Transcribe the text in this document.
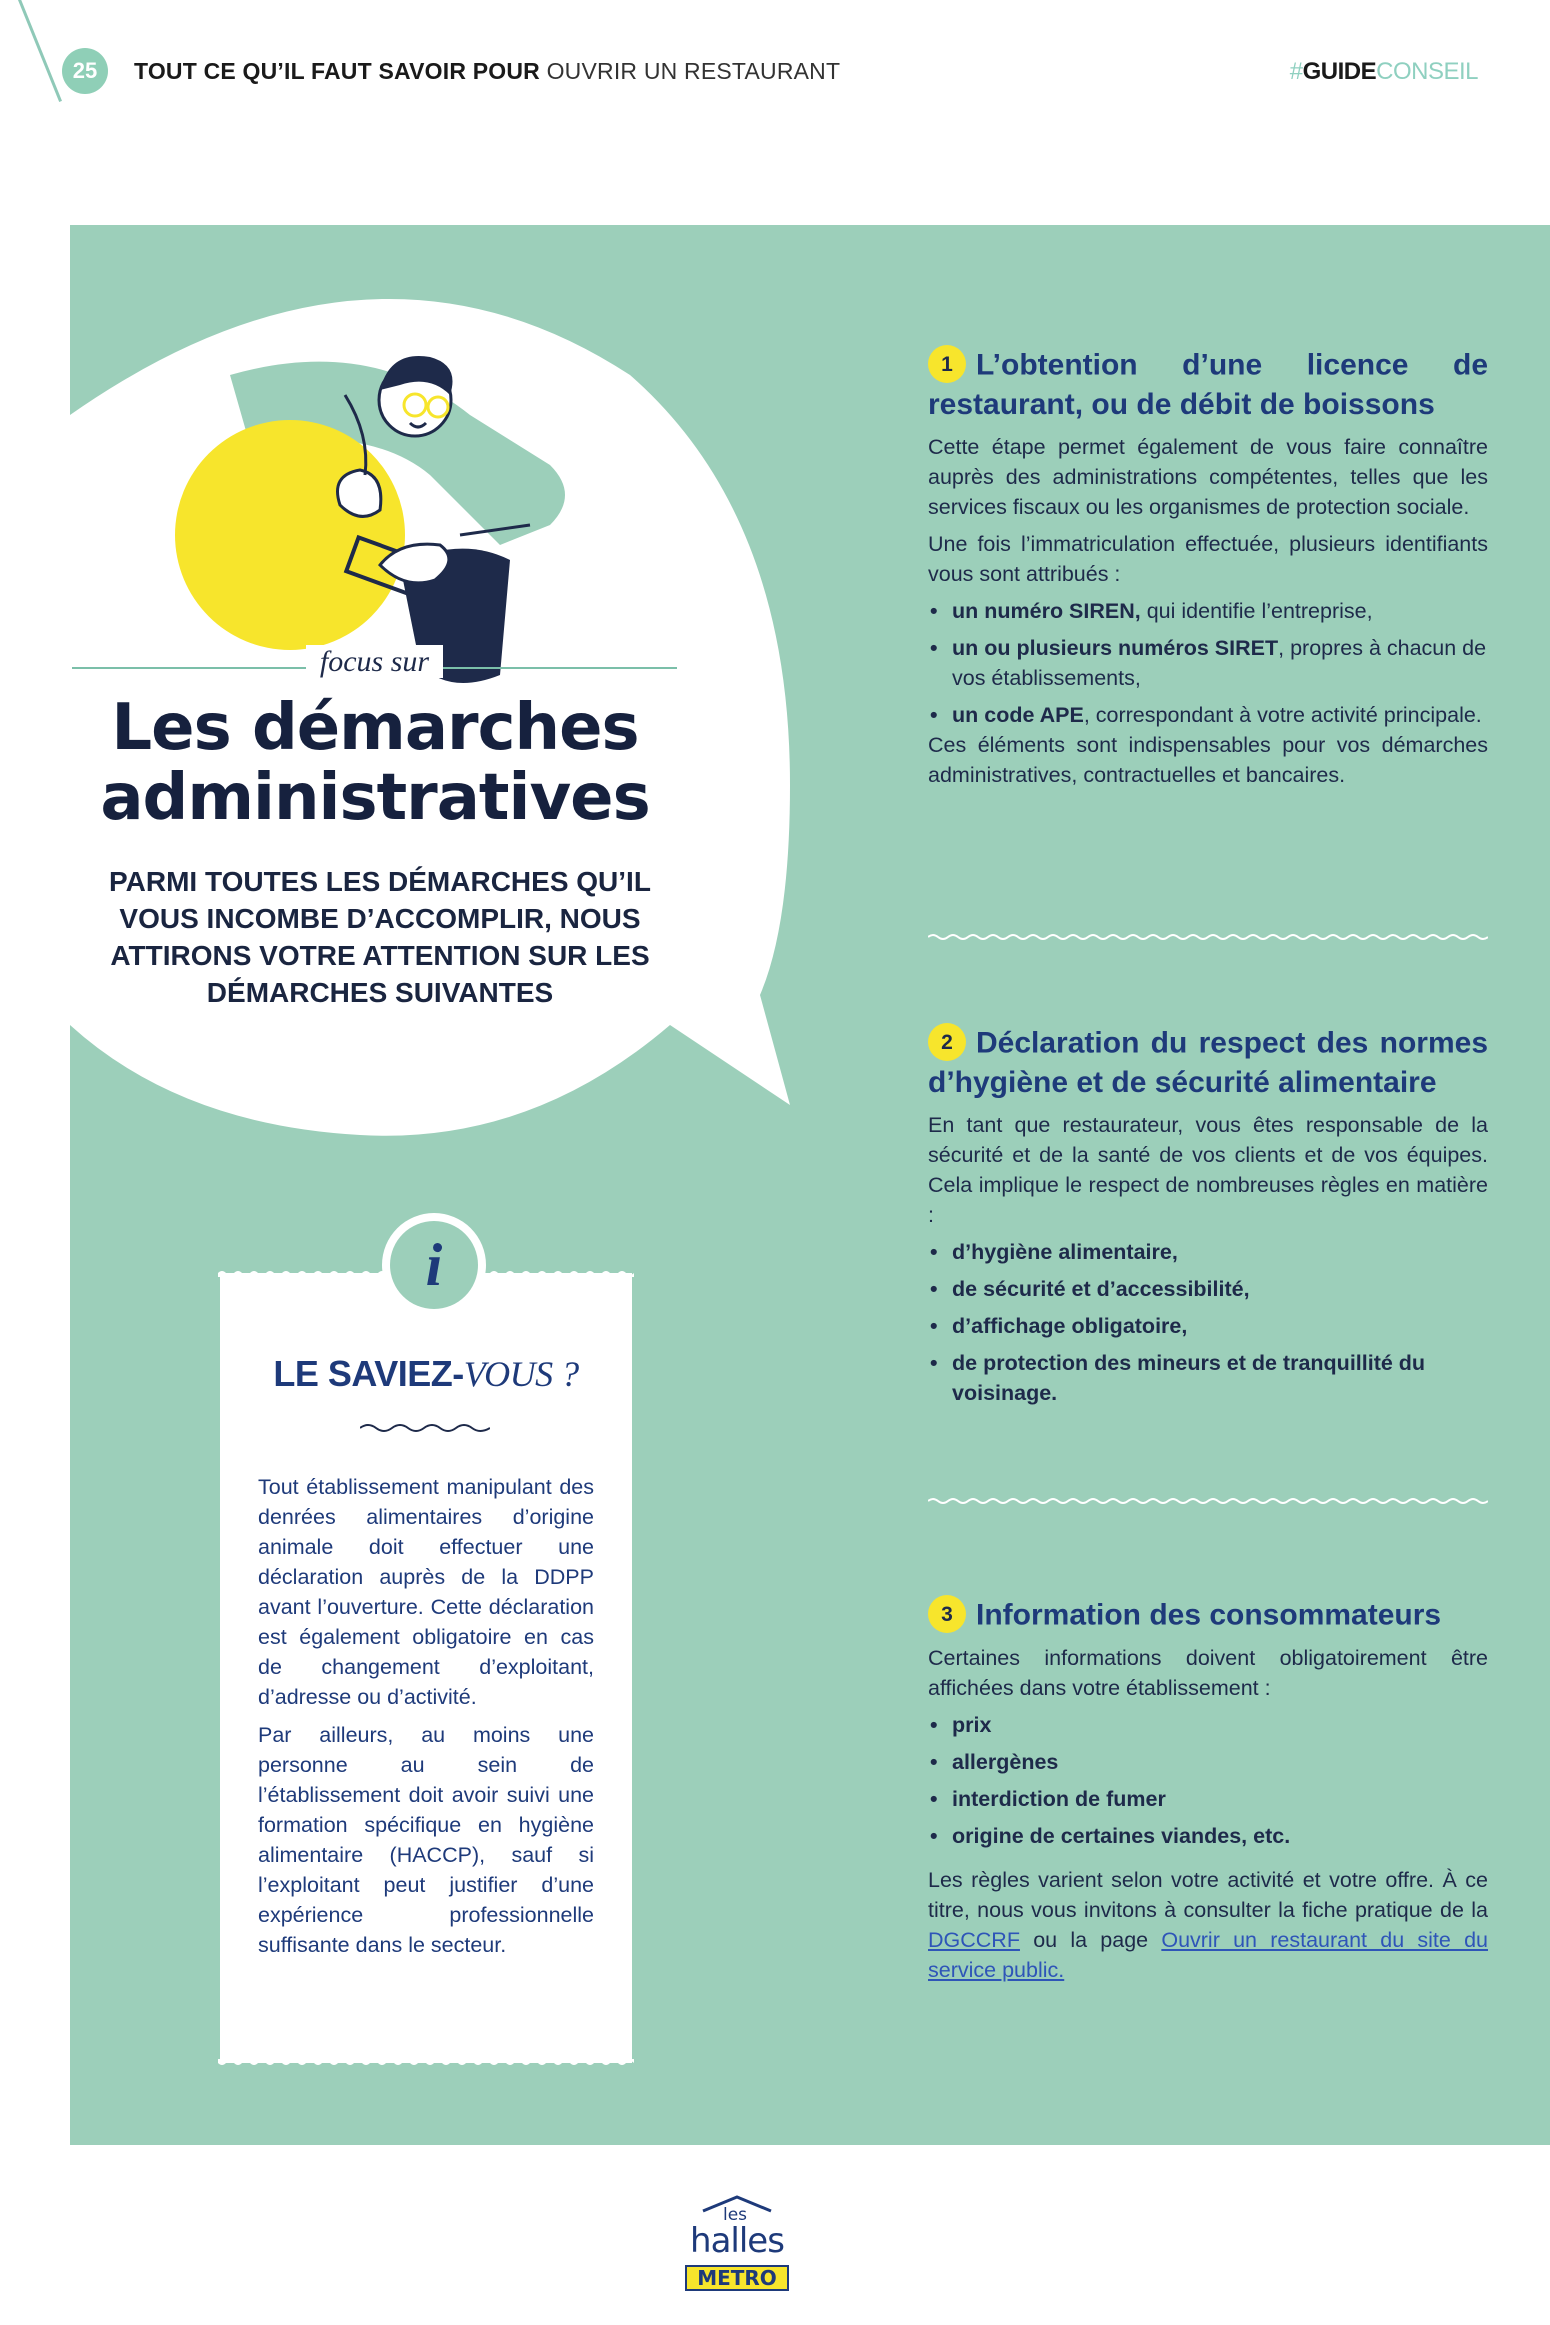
25	TOUT CE QU’IL FAUT SAVOIR POUR OUVRIR UN RESTAURANT	#GUIDECONSEIL
focus sur
Les démarches
administratives
PARMI TOUTES LES DÉMARCHES QU’IL VOUS INCOMBE D’ACCOMPLIR, NOUS ATTIRONS VOTRE ATTENTION SUR LES DÉMARCHES SUIVANTES
i
LE SAVIEZ-VOUS ?

Tout établissement manipulant des denrées alimentaires d’origine animale doit effectuer une déclaration auprès de la DDPP avant l’ouverture. Cette déclaration est également obligatoire en cas de changement d’exploitant, d’adresse ou d’activité.

Par ailleurs, au moins une personne au sein de l’établissement doit avoir suivi une formation spécifique en hygiène alimentaire (HACCP), sauf si l’exploitant peut justifier d’une expérience professionnelle suffisante dans le secteur.

1 L’obtention d’une licence de restaurant, ou de débit de boissons

Cette étape permet également de vous faire connaître auprès des administrations compétentes, telles que les services fiscaux ou les organismes de protection sociale.

Une fois l’immatriculation effectuée, plusieurs identifiants vous sont attribués :

• un numéro SIREN, qui identifie l’entreprise,
• un ou plusieurs numéros SIRET, propres à chacun de vos établissements,
• un code APE, correspondant à votre activité principale.

Ces éléments sont indispensables pour vos démarches administratives, contractuelles et bancaires.

2 Déclaration du respect des normes d’hygiène et de sécurité alimentaire

En tant que restaurateur, vous êtes responsable de la sécurité et de la santé de vos clients et de vos équipes. Cela implique le respect de nombreuses règles en matière :

• d’hygiène alimentaire,
• de sécurité et d’accessibilité,
• d’affichage obligatoire,
• de protection des mineurs et de tranquillité du voisinage.

3 Information des consommateurs

Certaines informations doivent obligatoirement être affichées dans votre établissement :

• prix
• allergènes
• interdiction de fumer
• origine de certaines viandes, etc.

Les règles varient selon votre activité et votre offre. À ce titre, nous vous invitons à consulter la fiche pratique de la DGCCRF ou la page Ouvrir un restaurant du site du service public.

les
halles
METRO
